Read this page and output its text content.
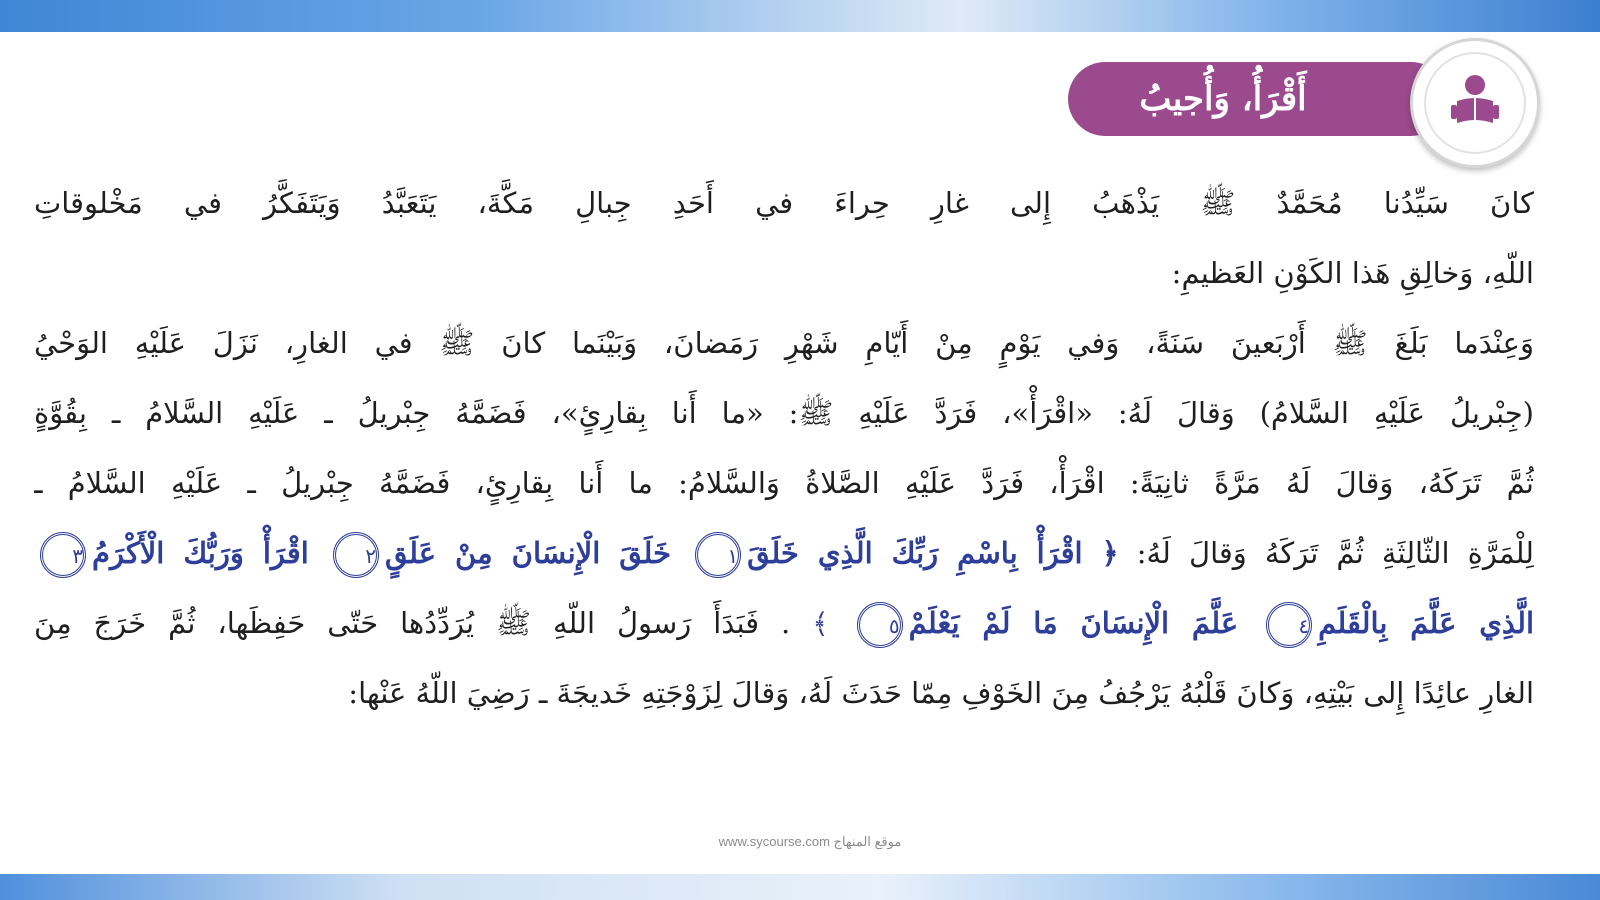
أَقْرَأُ، وَأُجيبُ
كانَ سَيِّدُنا مُحَمَّدٌ ﷺ يَذْهَبُ إِلى غارِ حِراءَ في أَحَدِ جِبالِ مَكَّةَ، يَتَعَبَّدُ وَيَتَفَكَّرُ في مَخْلوقاتِ
اللّهِ، وَخالِقِ هَذا الكَوْنِ العَظيمِ:
وَعِنْدَما بَلَغَ ﷺ أَرْبَعينَ سَنَةً، وَفي يَوْمٍ مِنْ أَيّامِ شَهْرِ رَمَضانَ، وَبَيْنَما كانَ ﷺ في الغارِ، نَزَلَ عَلَيْهِ الوَحْيُ
(جِبْريلُ عَلَيْهِ السَّلامُ) وَقالَ لَهُ: «اقْرَأْ»، فَرَدَّ عَلَيْهِ ﷺ: «ما أَنا بِقارِئٍ»، فَضَمَّهُ جِبْريلُ ـ عَلَيْهِ السَّلامُ ـ بِقُوَّةٍ
ثُمَّ تَرَكَهُ، وَقالَ لَهُ مَرَّةً ثانِيَةً: اقْرَأْ، فَرَدَّ عَلَيْهِ الصَّلاةُ وَالسَّلامُ: ما أَنا بِقارِئٍ، فَضَمَّهُ جِبْريلُ ـ عَلَيْهِ السَّلامُ ـ
لِلْمَرَّةِ الثّالِثَةِ ثُمَّ تَرَكَهُ وَقالَ لَهُ: ﴿ اقْرَأْ بِاسْمِ رَبِّكَ الَّذِي خَلَقَ١ خَلَقَ الْإِنسَانَ مِنْ عَلَقٍ٢ اقْرَأْ وَرَبُّكَ الْأَكْرَمُ٣
الَّذِي عَلَّمَ بِالْقَلَمِ٤ عَلَّمَ الْإِنسَانَ مَا لَمْ يَعْلَمْ٥ ﴾ . فَبَدَأَ رَسولُ اللّهِ ﷺ يُرَدِّدُها حَتّى حَفِظَها، ثُمَّ خَرَجَ مِنَ
الغارِ عائِدًا إِلى بَيْتِهِ، وَكانَ قَلْبُهُ يَرْجُفُ مِنَ الخَوْفِ مِمّا حَدَثَ لَهُ، وَقالَ لِزَوْجَتِهِ خَديجَةَ ـ رَضِيَ اللّهُ عَنْها:
www.sycourse.com موقع المنهاج
